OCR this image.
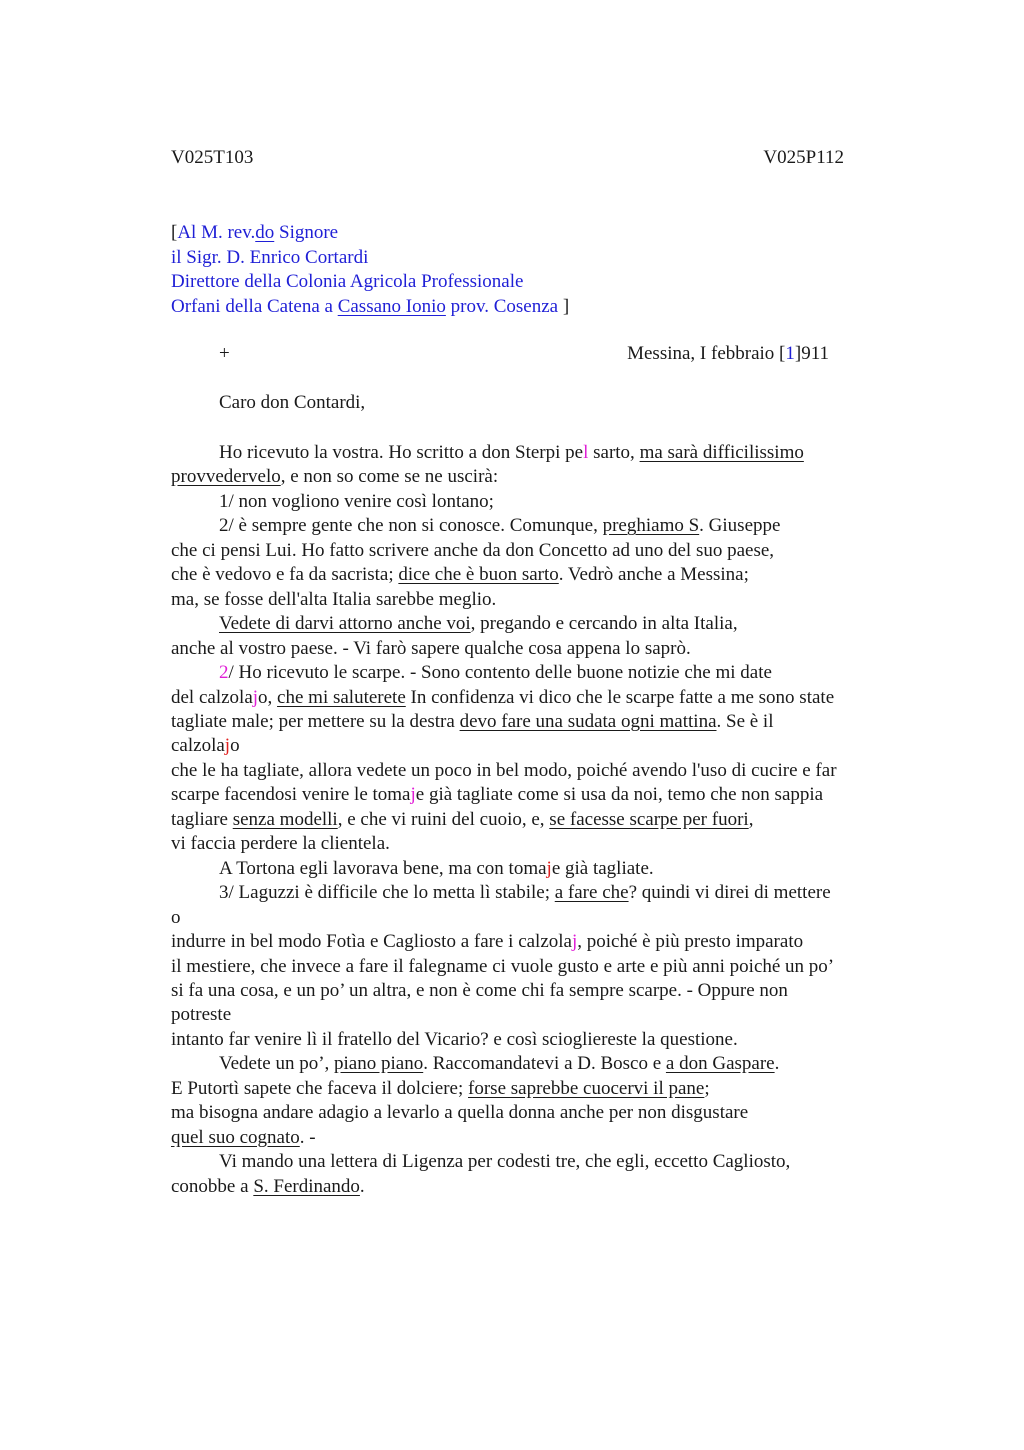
V025T103	V025P112
[Al M. rev.do Signore
il Sigr. D. Enrico Cortardi
Direttore della Colonia Agricola Professionale
Orfani della Catena a Cassano Ionio prov. Cosenza ]
+	Messina, I febbraio [1]911
Caro don Contardi,
Ho ricevuto la vostra. Ho scritto a don Sterpi pel sarto, ma sarà difficilissimo
provvedervelo, e non so come se ne uscirà:
1/ non vogliono venire così lontano;
2/ è sempre gente che non si conosce. Comunque, preghiamo S. Giuseppe
che ci pensi Lui. Ho fatto scrivere anche da don Concetto ad uno del suo paese,
che è vedovo e fa da sacrista; dice che è buon sarto. Vedrò anche a Messina;
ma, se fosse dell'alta Italia sarebbe meglio.
Vedete di darvi attorno anche voi, pregando e cercando in alta Italia,
anche al vostro paese. - Vi farò sapere qualche cosa appena lo saprò.
2/ Ho ricevuto le scarpe. - Sono contento delle buone notizie che mi date
del calzolajo, che mi saluterete In confidenza vi dico che le scarpe fatte a me sono state
tagliate male; per mettere su la destra devo fare una sudata ogni mattina. Se è il
calzolajo
che le ha tagliate, allora vedete un poco in bel modo, poiché avendo l'uso di cucire e far
scarpe facendosi venire le tomaje già tagliate come si usa da noi, temo che non sappia
tagliare senza modelli, e che vi ruini del cuoio, e, se facesse scarpe per fuori,
vi faccia perdere la clientela.
A Tortona egli lavorava bene, ma con tomaje già tagliate.
3/ Laguzzi è difficile che lo metta lì stabile; a fare che? quindi vi direi di mettere
o
indurre in bel modo Fotìa e Cagliosto a fare i calzolaj, poiché è più presto imparato
il mestiere, che invece a fare il falegname ci vuole gusto e arte e più anni poiché un po’
si fa una cosa, e un po’ un altra, e non è come chi fa sempre scarpe. - Oppure non
potreste
intanto far venire lì il fratello del Vicario? e così sciogliereste la questione.
Vedete un po’, piano piano. Raccomandatevi a D. Bosco e a don Gaspare.
E Putortì sapete che faceva il dolciere; forse saprebbe cuocervi il pane;
ma bisogna andare adagio a levarlo a quella donna anche per non disgustare
quel suo cognato. -
Vi mando una lettera di Ligenza per codesti tre, che egli, eccetto Cagliosto,
conobbe a S. Ferdinando.
